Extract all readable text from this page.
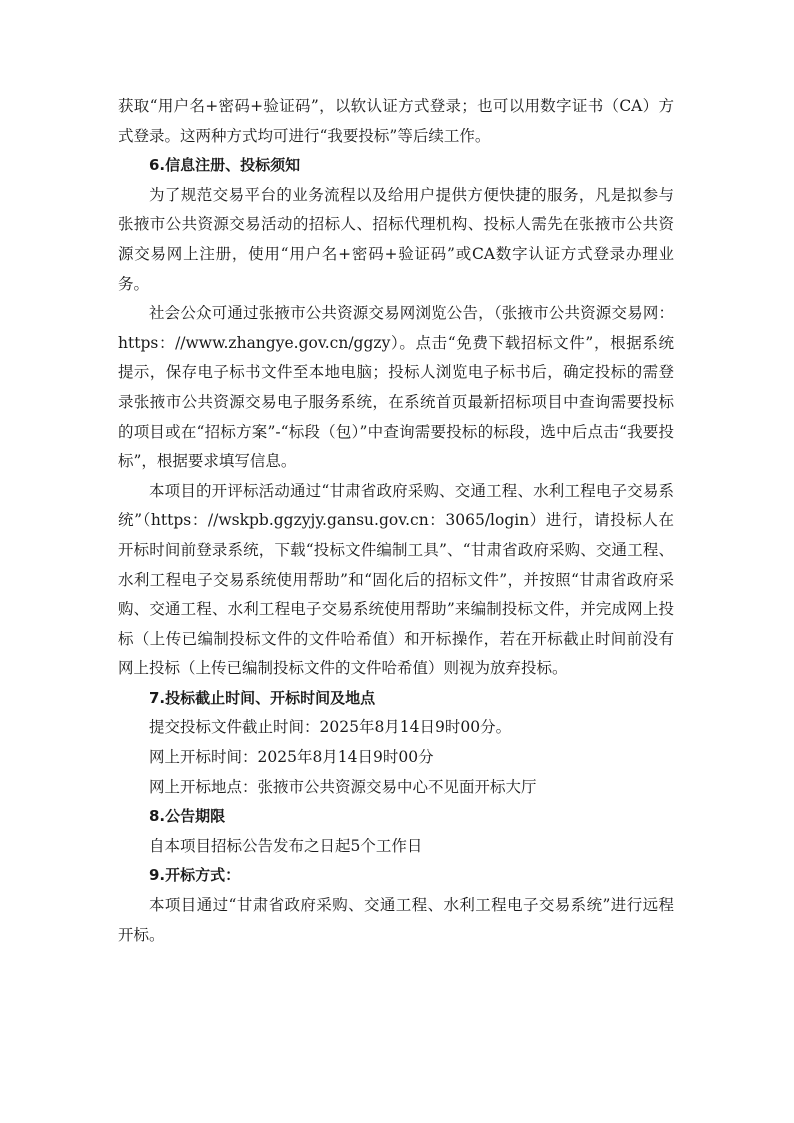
获取“用户名+密码+验证码”，以软认证方式登录；也可以用数字证书（CA）方式登录。这两种方式均可进行“我要投标”等后续工作。

6.信息注册、投标须知

为了规范交易平台的业务流程以及给用户提供方便快捷的服务，凡是拟参与张掖市公共资源交易活动的招标人、招标代理机构、投标人需先在张掖市公共资源交易网上注册，使用“用户名+密码+验证码”或CA数字认证方式登录办理业务。

社会公众可通过张掖市公共资源交易网浏览公告，（张掖市公共资源交易网：https：//www.zhangye.gov.cn/ggzy）。点击“免费下载招标文件”，根据系统提示，保存电子标书文件至本地电脑；投标人浏览电子标书后，确定投标的需登录张掖市公共资源交易电子服务系统，在系统首页最新招标项目中查询需要投标的项目或在“招标方案”-“标段（包）”中查询需要投标的标段，选中后点击“我要投标”，根据要求填写信息。

本项目的开评标活动通过“甘肃省政府采购、交通工程、水利工程电子交易系统”（https：//wskpb.ggzyjy.gansu.gov.cn：3065/login）进行，请投标人在开标时间前登录系统，下载“投标文件编制工具”、“甘肃省政府采购、交通工程、水利工程电子交易系统使用帮助”和“固化后的招标文件”，并按照“甘肃省政府采购、交通工程、水利工程电子交易系统使用帮助”来编制投标文件，并完成网上投标（上传已编制投标文件的文件哈希值）和开标操作，若在开标截止时间前没有网上投标（上传已编制投标文件的文件哈希值）则视为放弃投标。

7.投标截止时间、开标时间及地点

提交投标文件截止时间：2025年8月14日9时00分。

网上开标时间：2025年8月14日9时00分

网上开标地点：张掖市公共资源交易中心不见面开标大厅

8.公告期限

自本项目招标公告发布之日起5个工作日

9.开标方式：

本项目通过“甘肃省政府采购、交通工程、水利工程电子交易系统”进行远程开标。
